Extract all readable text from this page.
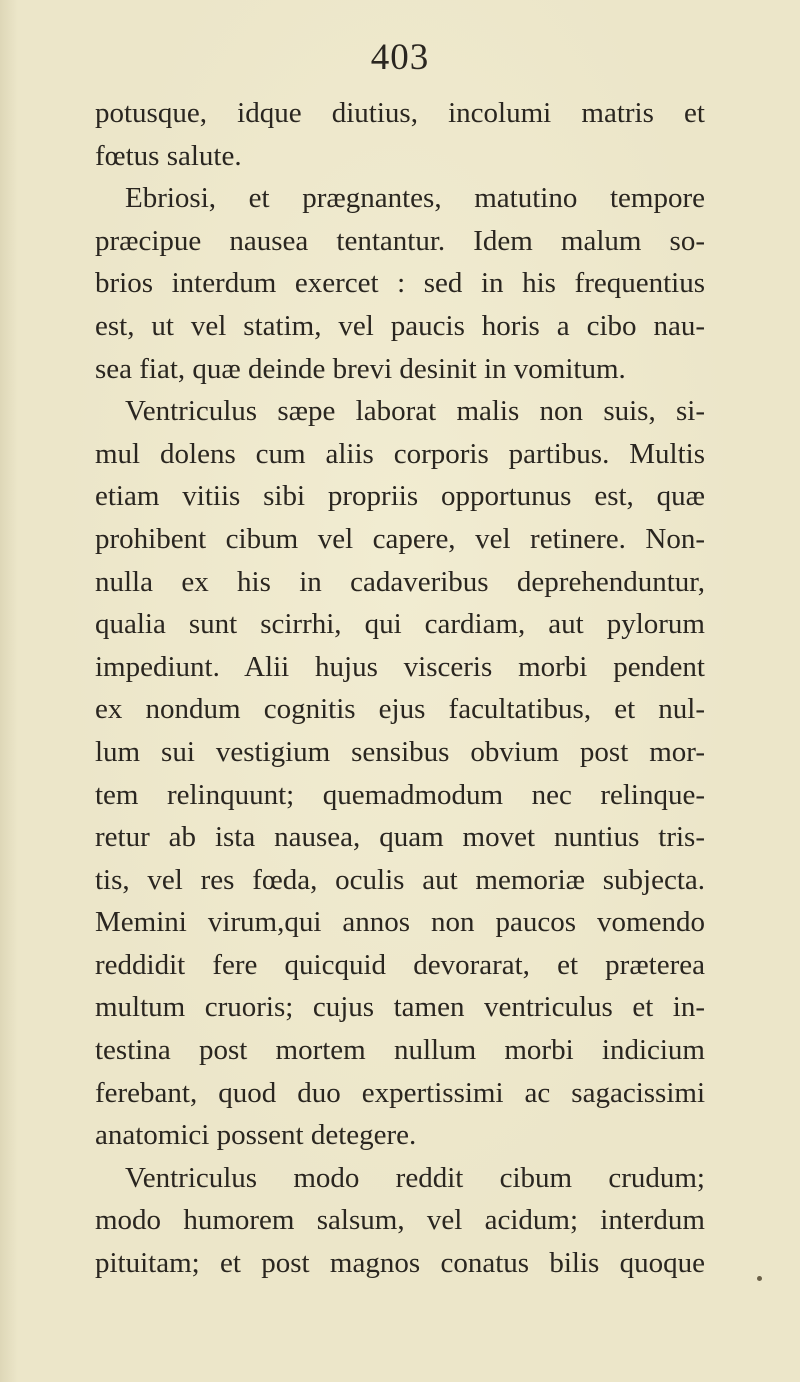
403
potusque, idque diutius, incolumi matris et
fœtus salute.
Ebriosi, et prægnantes, matutino tempore
præcipue nausea tentantur. Idem malum so-
brios interdum exercet : sed in his frequentius
est, ut vel statim, vel paucis horis a cibo nau-
sea fiat, quæ deinde brevi desinit in vomitum.
Ventriculus sæpe laborat malis non suis, si-
mul dolens cum aliis corporis partibus. Multis
etiam vitiis sibi propriis opportunus est, quæ
prohibent cibum vel capere, vel retinere. Non-
nulla ex his in cadaveribus deprehenduntur,
qualia sunt scirrhi, qui cardiam, aut pylorum
impediunt. Alii hujus visceris morbi pendent
ex nondum cognitis ejus facultatibus, et nul-
lum sui vestigium sensibus obvium post mor-
tem relinquunt; quemadmodum nec relinque-
retur ab ista nausea, quam movet nuntius tris-
tis, vel res fœda, oculis aut memoriæ subjecta.
Memini virum,qui annos non paucos vomendo
reddidit fere quicquid devorarat, et præterea
multum cruoris; cujus tamen ventriculus et in-
testina post mortem nullum morbi indicium
ferebant, quod duo expertissimi ac sagacissimi
anatomici possent detegere.
Ventriculus modo reddit cibum crudum;
modo humorem salsum, vel acidum; interdum
pituitam; et post magnos conatus bilis quoque
